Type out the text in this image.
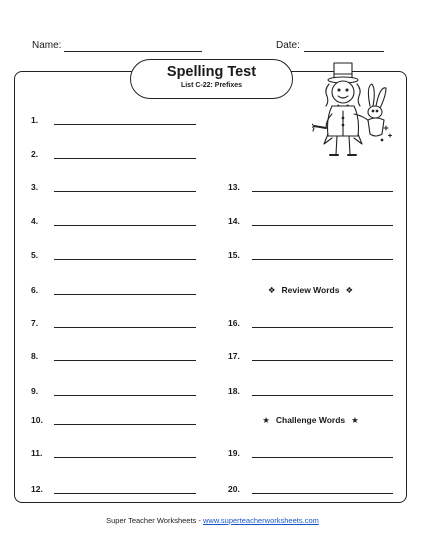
Name:	Date:
Spelling Test
List C-22: Prefixes
1.
2.
3.
4.
5.
6.
7.
8.
9.
10.
11.
12.
13.
14.
15.
❖ Review Words ❖
16.
17.
18.
★ Challenge Words ★
19.
20.
Super Teacher Worksheets - www.superteacherworksheets.com
